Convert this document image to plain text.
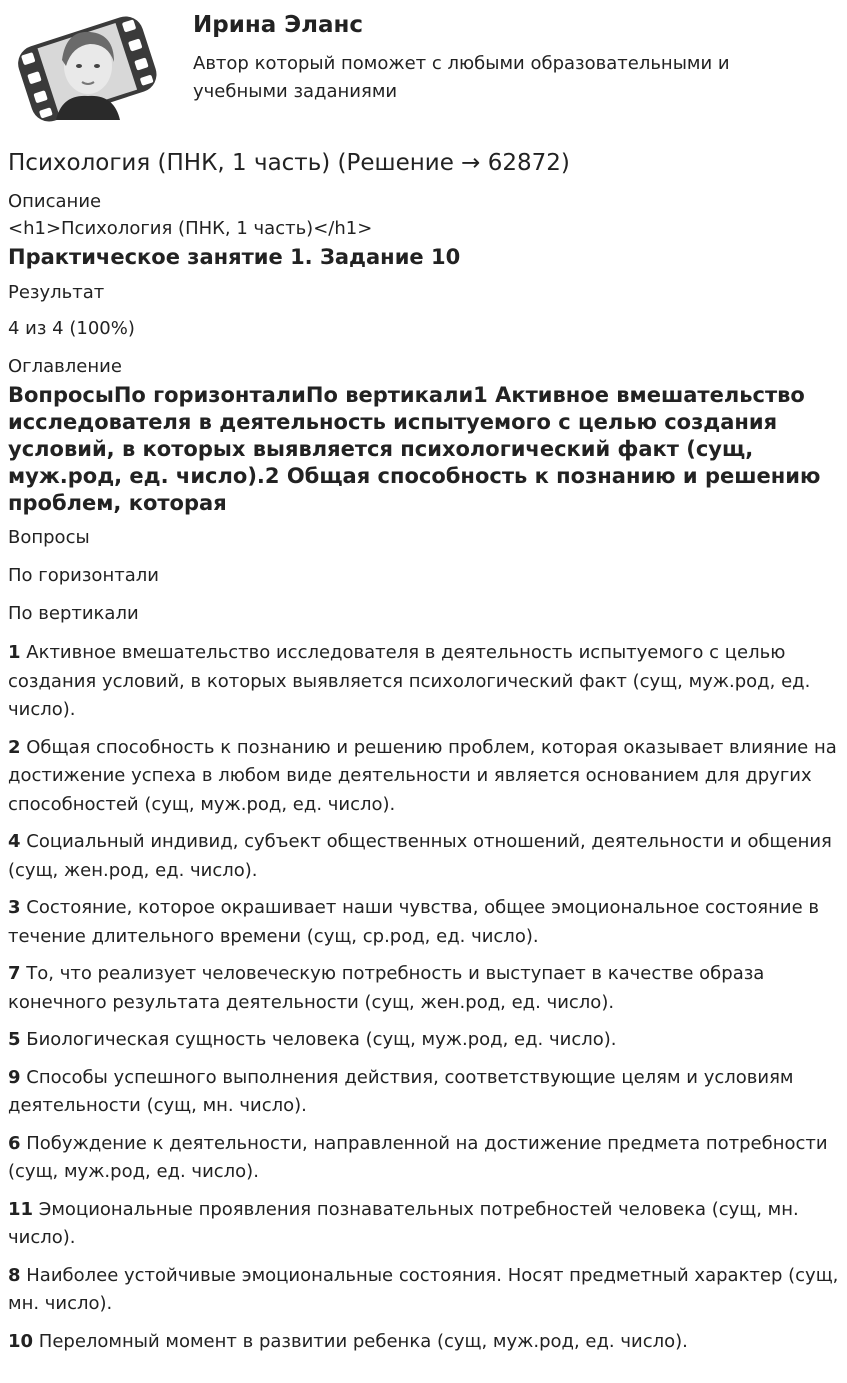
Ирина Эланс

Автор который поможет с любыми образовательными и учебными заданиями

Психология (ПНК, 1 часть) (Решение → 62872)

Описание

<h1>Психология (ПНК, 1 часть)</h1>

Практическое занятие 1. Задание 10

Результат

4 из 4 (100%)

Оглавление

ВопросыПо горизонталиПо вертикали1 Активное вмешательство исследователя в деятельность испытуемого с целью создания условий, в которых выявляется психологический факт (сущ, муж.род, ед. число).2 Общая способность к познанию и решению проблем, которая

Вопросы

По горизонтали

По вертикали

1 Активное вмешательство исследователя в деятельность испытуемого с целью создания условий, в которых выявляется психологический факт (сущ, муж.род, ед. число).

2 Общая способность к познанию и решению проблем, которая оказывает влияние на достижение успеха в любом виде деятельности и является основанием для других способностей (сущ, муж.род, ед. число).

4 Социальный индивид, субъект общественных отношений, деятельности и общения (сущ, жен.род, ед. число).

3 Состояние, которое окрашивает наши чувства, общее эмоциональное состояние в течение длительного времени (сущ, ср.род, ед. число).

7 То, что реализует человеческую потребность и выступает в качестве образа конечного результата деятельности (сущ, жен.род, ед. число).

5 Биологическая сущность человека (сущ, муж.род, ед. число).

9 Способы успешного выполнения действия, соответствующие целям и условиям деятельности (сущ, мн. число).

6 Побуждение к деятельности, направленной на достижение предмета потребности (сущ, муж.род, ед. число).

11 Эмоциональные проявления познавательных потребностей человека (сущ, мн. число).

8 Наиболее устойчивые эмоциональные состояния. Носят предметный характер (сущ, мн. число).

10 Переломный момент в развитии ребенка (сущ, муж.род, ед. число).
